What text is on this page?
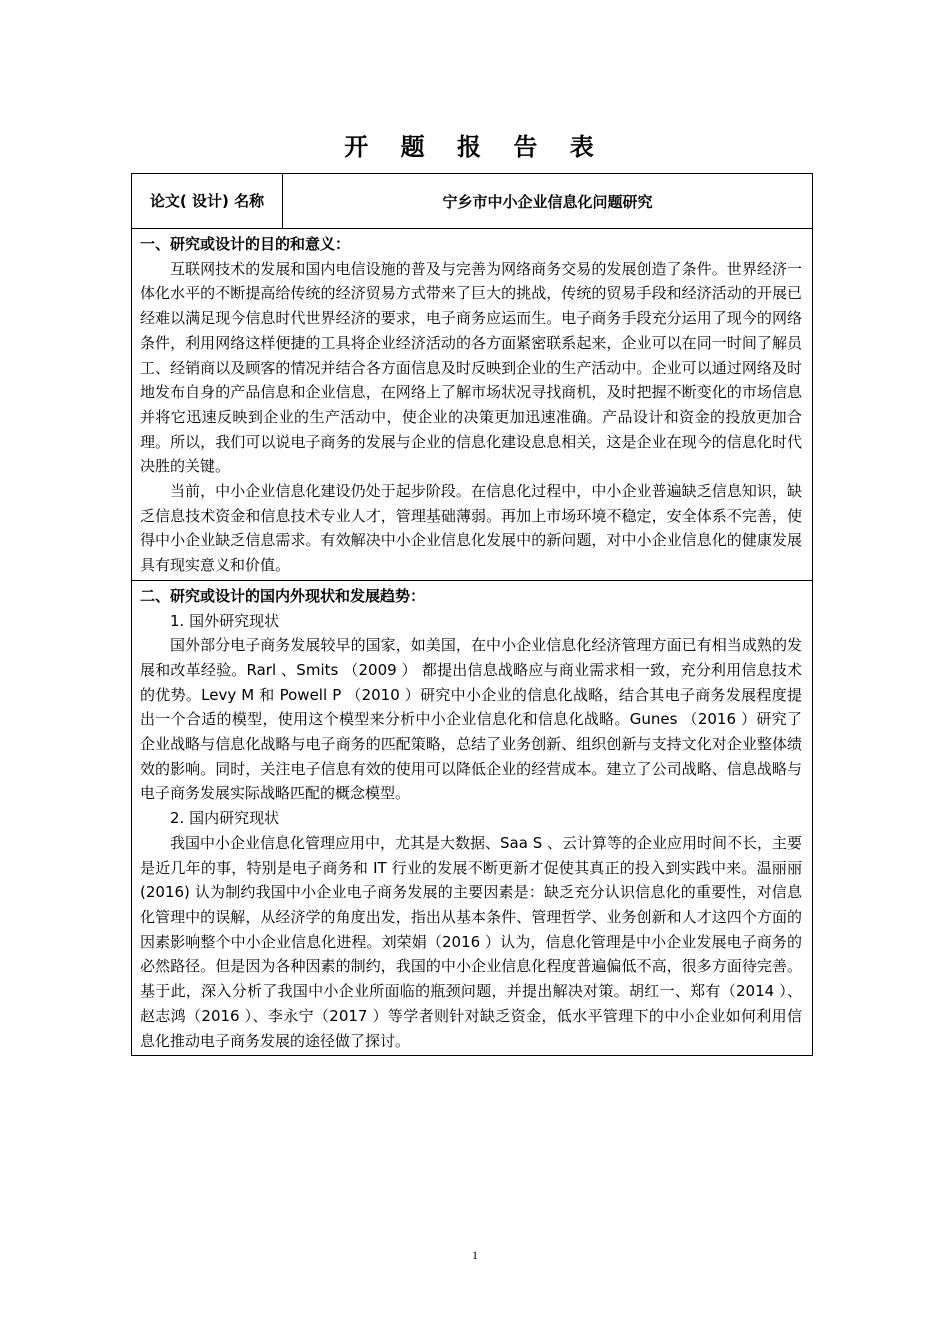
开 题 报 告 表
论文( 设计) 名称	宁乡市中小企业信息化问题研究

一、研究或设计的目的和意义：

互联网技术的发展和国内电信设施的普及与完善为网络商务交易的发展创造了条件。世界经济一体化水平的不断提高给传统的经济贸易方式带来了巨大的挑战，传统的贸易手段和经济活动的开展已经难以满足现今信息时代世界经济的要求，电子商务应运而生。电子商务手段充分运用了现今的网络条件，利用网络这样便捷的工具将企业经济活动的各方面紧密联系起来，企业可以在同一时间了解员工、经销商以及顾客的情况并结合各方面信息及时反映到企业的生产活动中。企业可以通过网络及时地发布自身的产品信息和企业信息，在网络上了解市场状况寻找商机，及时把握不断变化的市场信息并将它迅速反映到企业的生产活动中，使企业的决策更加迅速准确。产品设计和资金的投放更加合理。所以，我们可以说电子商务的发展与企业的信息化建设息息相关，这是企业在现今的信息化时代决胜的关键。

当前，中小企业信息化建设仍处于起步阶段。在信息化过程中，中小企业普遍缺乏信息知识，缺乏信息技术资金和信息技术专业人才，管理基础薄弱。再加上市场环境不稳定，安全体系不完善，使得中小企业缺乏信息需求。有效解决中小企业信息化发展中的新问题，对中小企业信息化的健康发展具有现实意义和价值。

二、研究或设计的国内外现状和发展趋势：
1. 国外研究现状

国外部分电子商务发展较早的国家，如美国，在中小企业信息化经济管理方面已有相当成熟的发展和改革经验。Rarl 、Smits （2009 ） 都提出信息战略应与商业需求相一致，充分利用信息技术的优势。Levy M 和 Powell P （2010 ）研究中小企业的信息化战略，结合其电子商务发展程度提出一个合适的模型，使用这个模型来分析中小企业信息化和信息化战略。Gunes （2016 ）研究了企业战略与信息化战略与电子商务的匹配策略，总结了业务创新、组织创新与支持文化对企业整体绩效的影响。同时，关注电子信息有效的使用可以降低企业的经营成本。建立了公司战略、信息战略与电子商务发展实际战略匹配的概念模型。

2. 国内研究现状

我国中小企业信息化管理应用中，尤其是大数据、Saa S 、云计算等的企业应用时间不长，主要是近几年的事，特别是电子商务和 IT 行业的发展不断更新才促使其真正的投入到实践中来。温丽丽(2016) 认为制约我国中小企业电子商务发展的主要因素是：缺乏充分认识信息化的重要性，对信息化管理中的误解，从经济学的角度出发，指出从基本条件、管理哲学、业务创新和人才这四个方面的因素影响整个中小企业信息化进程。刘荣娟（2016 ）认为，信息化管理是中小企业发展电子商务的必然路径。但是因为各种因素的制约，我国的中小企业信息化程度普遍偏低不高，很多方面待完善。基于此，深入分析了我国中小企业所面临的瓶颈问题，并提出解决对策。胡红一、郑有（2014 ）、赵志鸿（2016 ）、李永宁（2017 ）等学者则针对缺乏资金，低水平管理下的中小企业如何利用信息化推动电子商务发展的途径做了探讨。

1
